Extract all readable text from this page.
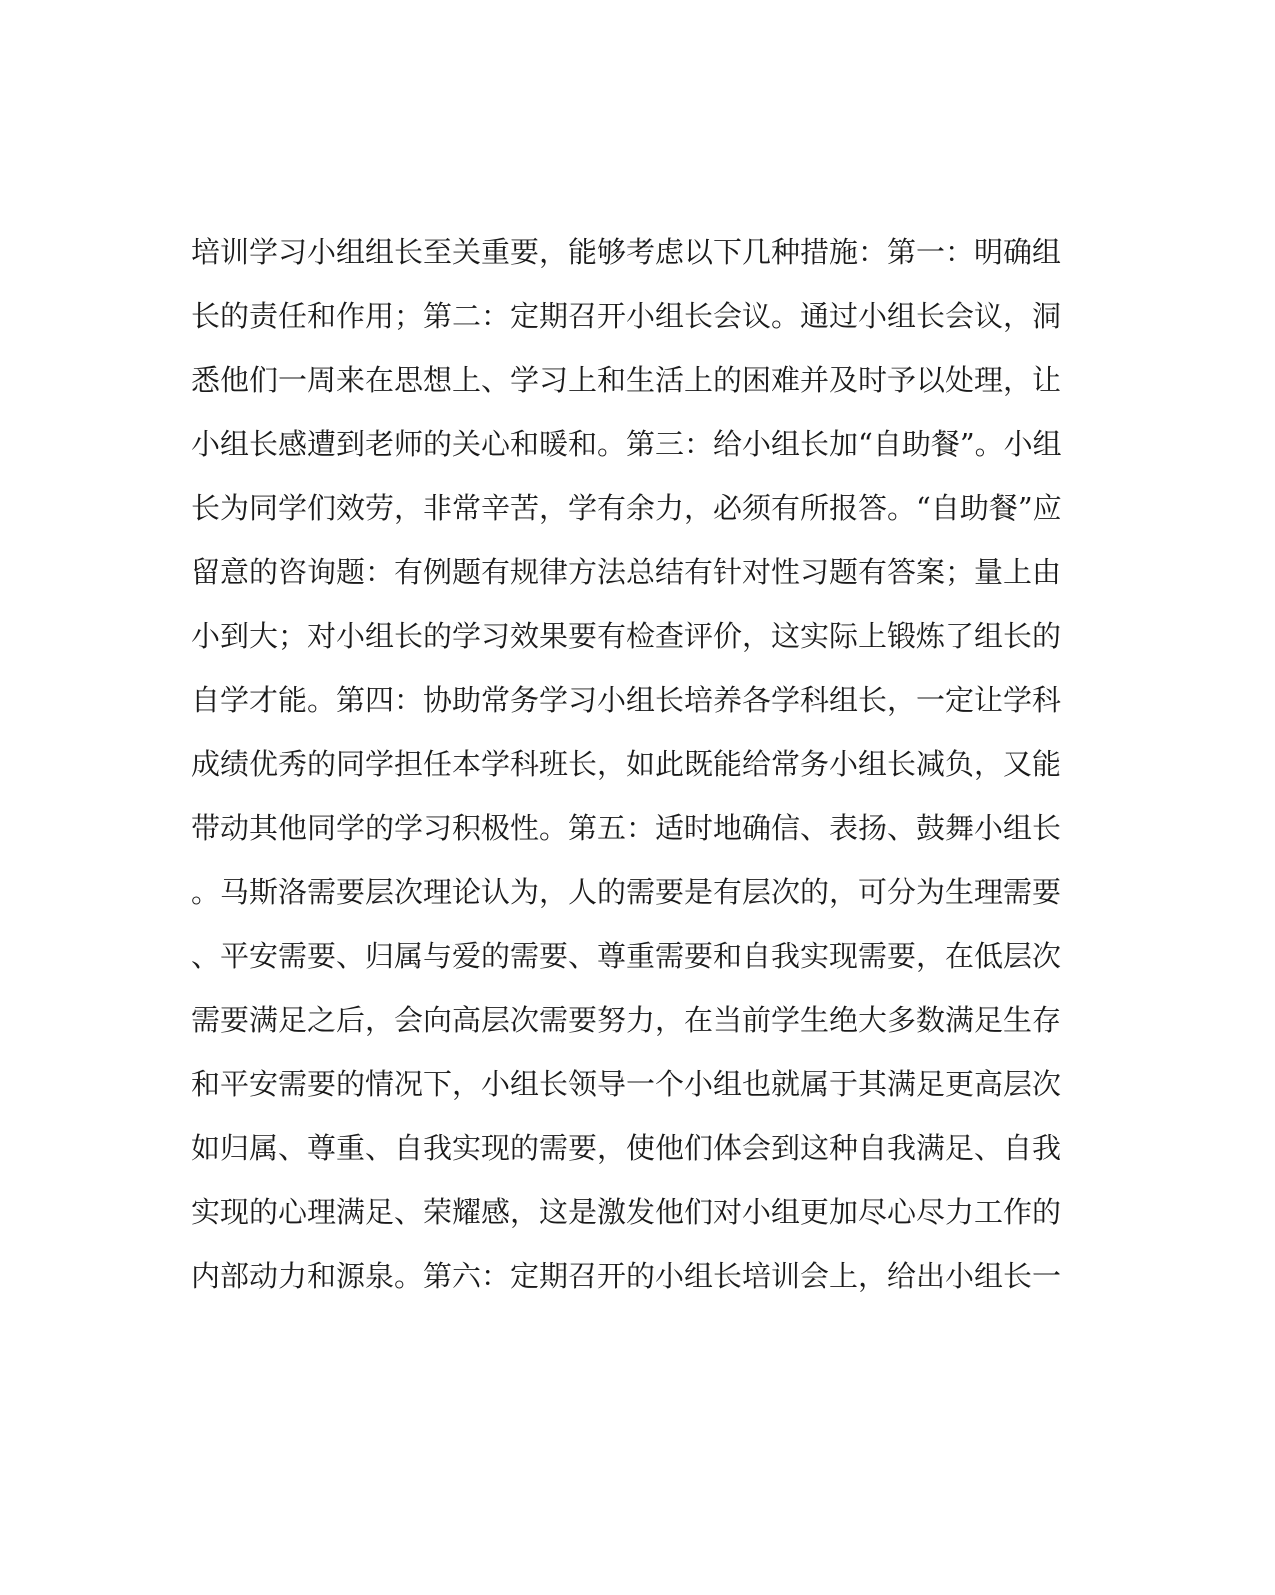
培训学习小组组长至关重要，能够考虑以下几种措施：第一：明确组
长的责任和作用；第二：定期召开小组长会议。通过小组长会议，洞
悉他们一周来在思想上、学习上和生活上的困难并及时予以处理，让
小组长感遭到老师的关心和暖和。第三：给小组长加“自助餐”。小组
长为同学们效劳，非常辛苦，学有余力，必须有所报答。“自助餐”应
留意的咨询题：有例题有规律方法总结有针对性习题有答案；量上由
小到大；对小组长的学习效果要有检查评价，这实际上锻炼了组长的
自学才能。第四：协助常务学习小组长培养各学科组长，一定让学科
成绩优秀的同学担任本学科班长，如此既能给常务小组长减负，又能
带动其他同学的学习积极性。第五：适时地确信、表扬、鼓舞小组长
。马斯洛需要层次理论认为，人的需要是有层次的，可分为生理需要
、平安需要、归属与爱的需要、尊重需要和自我实现需要，在低层次
需要满足之后，会向高层次需要努力，在当前学生绝大多数满足生存
和平安需要的情况下，小组长领导一个小组也就属于其满足更高层次
如归属、尊重、自我实现的需要，使他们体会到这种自我满足、自我
实现的心理满足、荣耀感，这是激发他们对小组更加尽心尽力工作的
内部动力和源泉。第六：定期召开的小组长培训会上，给出小组长一
